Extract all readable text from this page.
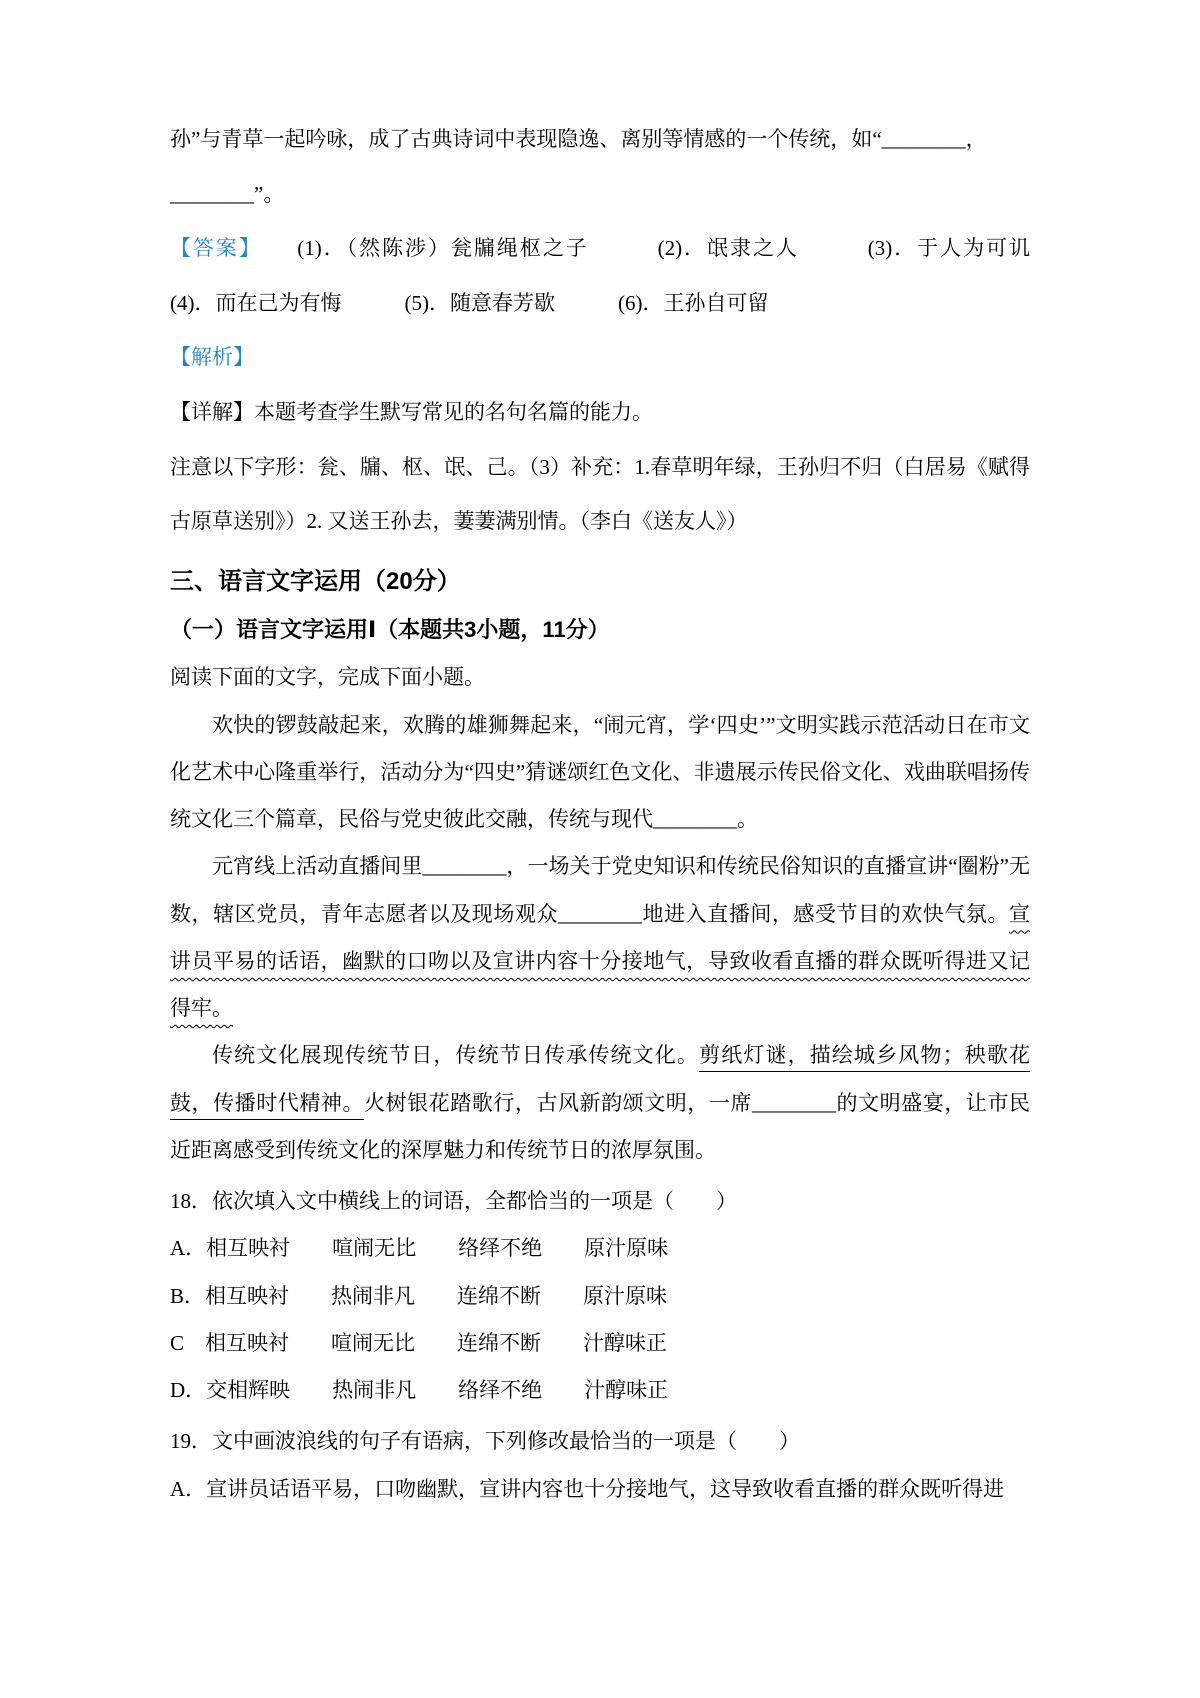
孙”与青草一起吟咏，成了古典诗词中表现隐逸、离别等情感的一个传统，如“________，

________”。

【答案】　　(1)．（然陈涉）瓮牖绳枢之子　　　(2)．氓隶之人　　　(3)．于人为可讥　　　(4)．而在己为有悔　　　(5)．随意春芳歇　　　(6)．王孙自可留

【解析】

【详解】本题考查学生默写常见的名句名篇的能力。

注意以下字形：瓮、牖、枢、氓、己。（3）补充：1.春草明年绿，王孙归不归（白居易《赋得古原草送别》）2. 又送王孙去，萋萋满别情。（李白《送友人》）

三、语言文字运用（20分）
（一）语言文字运用Ⅰ（本题共3小题，11分）

阅读下面的文字，完成下面小题。

欢快的锣鼓敲起来，欢腾的雄狮舞起来，“闹元宵，学‘四史’”文明实践示范活动日在市文化艺术中心隆重举行，活动分为“四史”猜谜颂红色文化、非遗展示传民俗文化、戏曲联唱扬传统文化三个篇章，民俗与党史彼此交融，传统与现代________。

元宵线上活动直播间里________，一场关于党史知识和传统民俗知识的直播宣讲“圈粉”无数，辖区党员，青年志愿者以及现场观众________地进入直播间，感受节目的欢快气氛。宣讲员平易的话语，幽默的口吻以及宣讲内容十分接地气，导致收看直播的群众既听得进又记得牢。

传统文化展现传统节日，传统节日传承传统文化。剪纸灯谜，描绘城乡风物；秧歌花鼓，传播时代精神。火树银花踏歌行，古风新韵颂文明，一席________的文明盛宴，让市民近距离感受到传统文化的深厚魅力和传统节日的浓厚氛围。

18．依次填入文中横线上的词语，全都恰当的一项是（　　）

A．相互映衬　　喧闹无比　　络绎不绝　　原汁原味

B．相互映衬　　热闹非凡　　连绵不断　　原汁原味

C　相互映衬　　喧闹无比　　连绵不断　　汁醇味正

D．交相辉映　　热闹非凡　　络绎不绝　　汁醇味正

19．文中画波浪线的句子有语病，下列修改最恰当的一项是（　　）

A．宣讲员话语平易，口吻幽默，宣讲内容也十分接地气，这导致收看直播的群众既听得进
